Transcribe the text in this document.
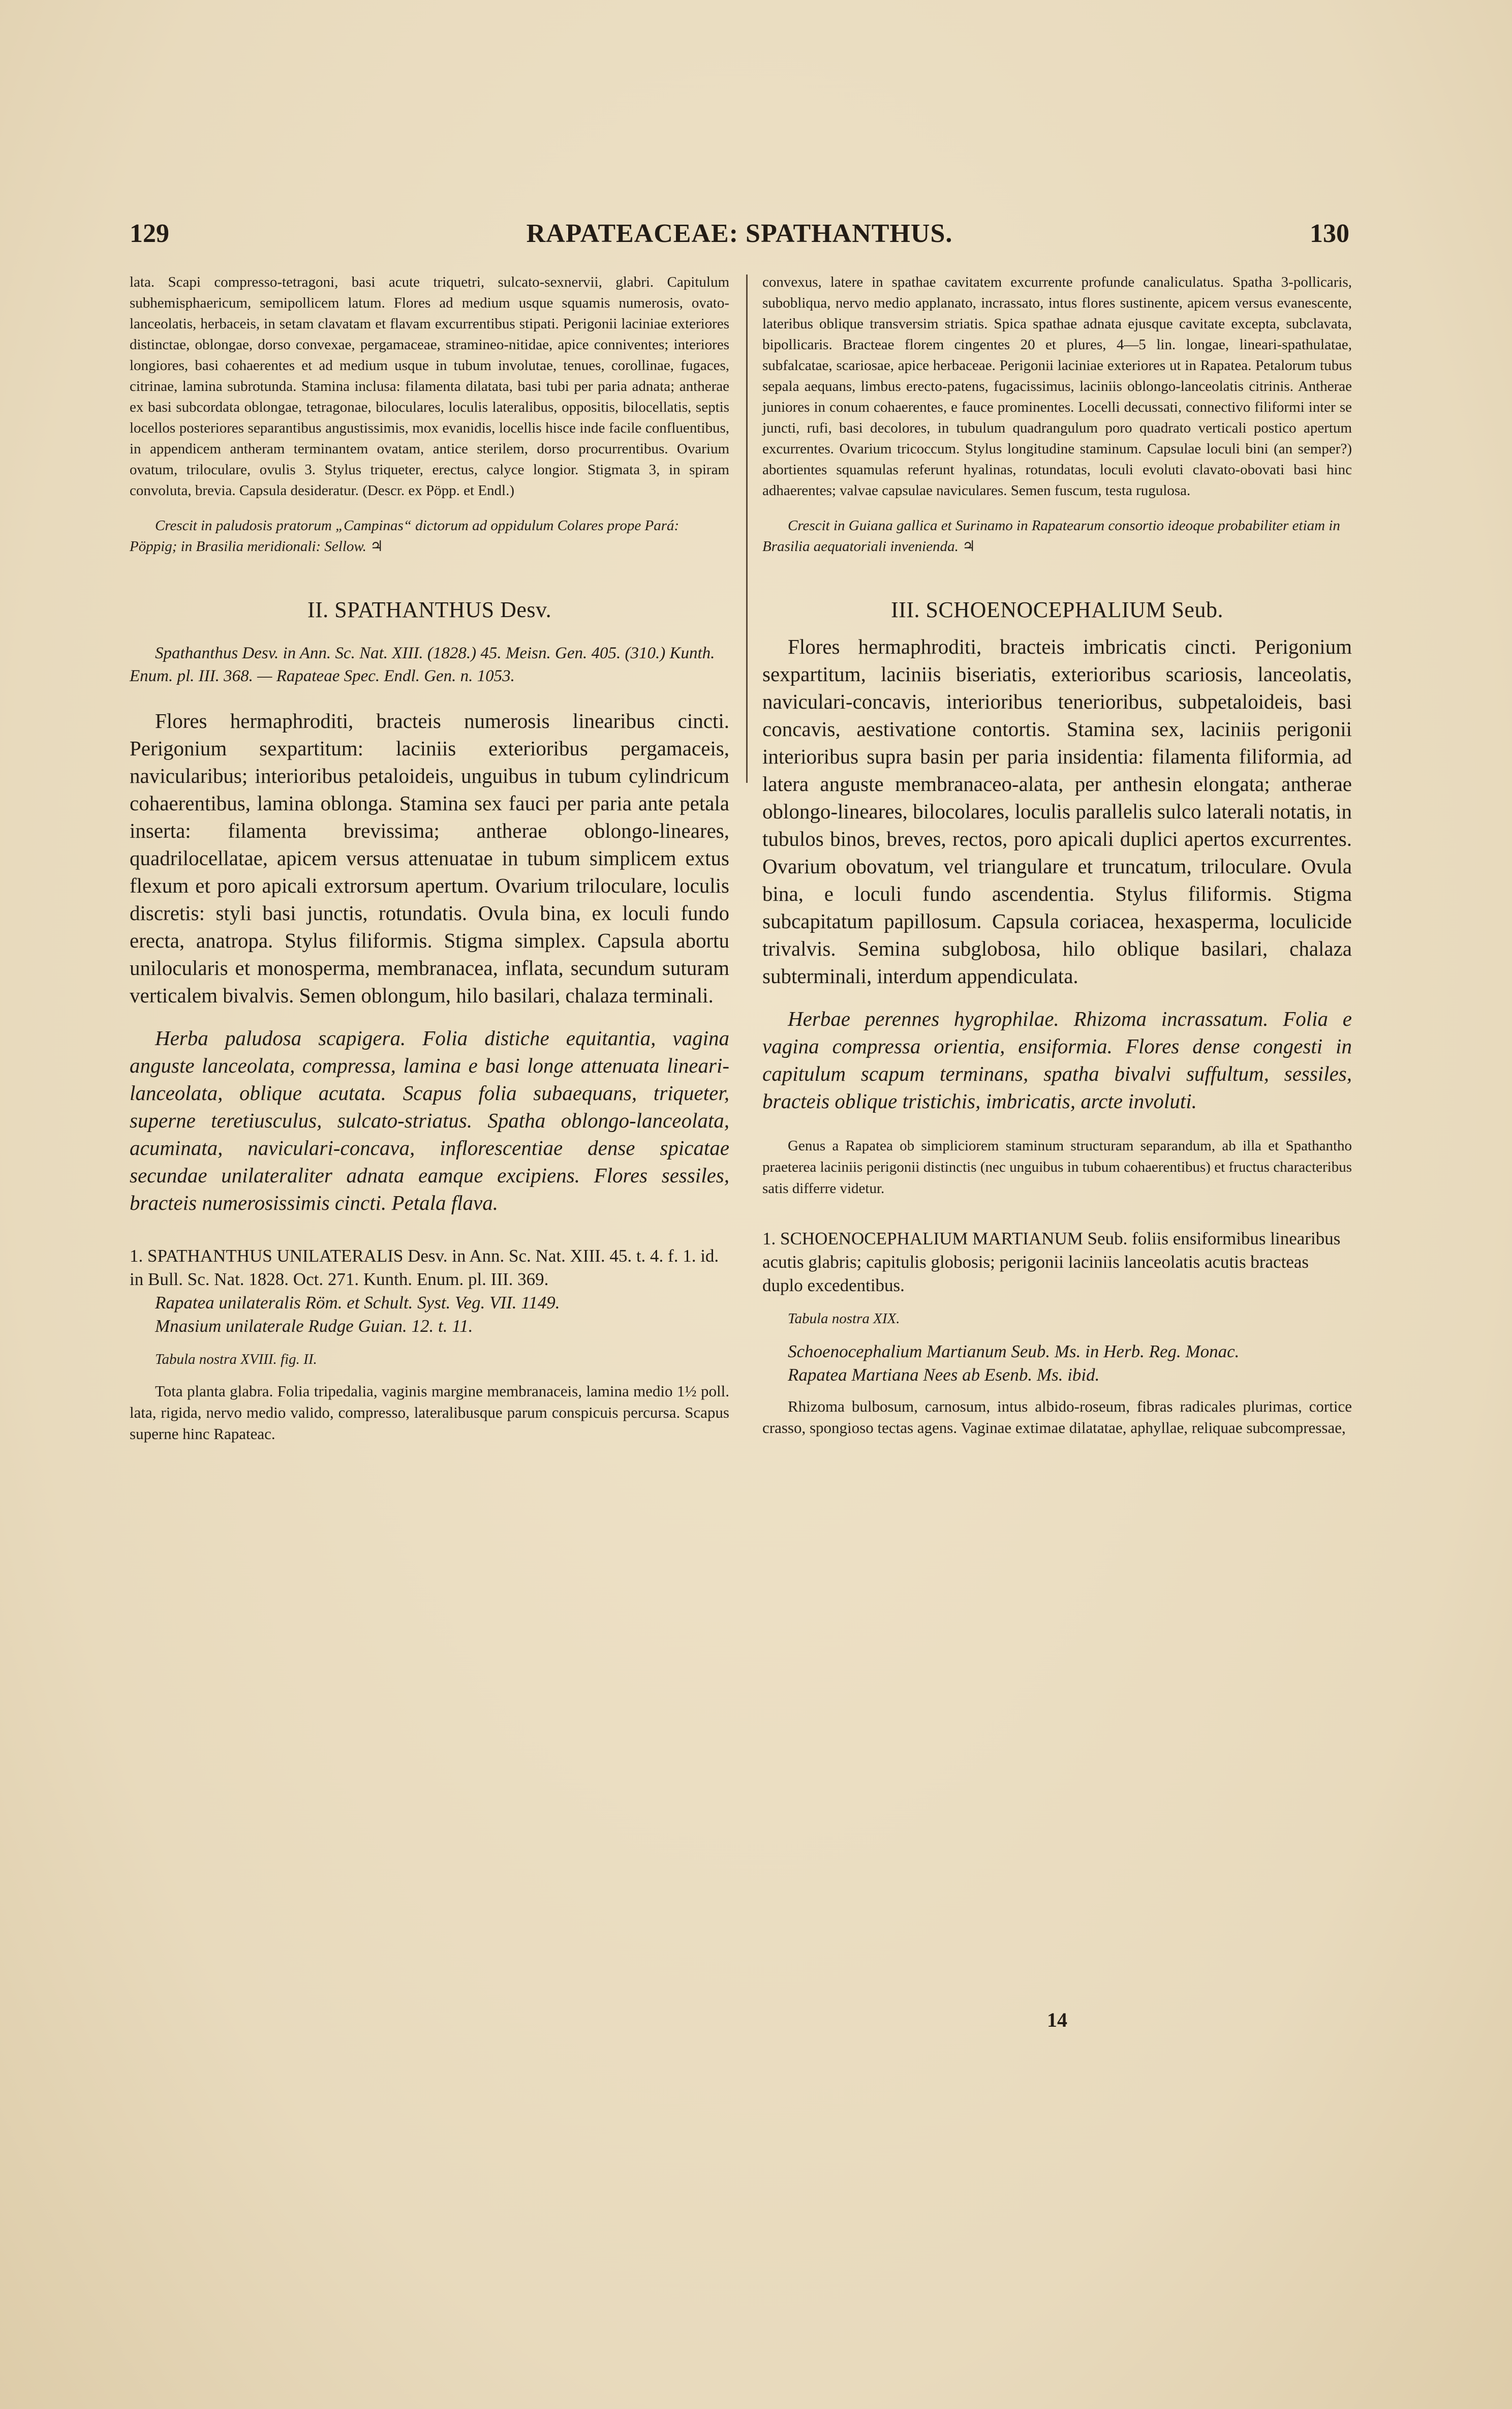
129	RAPATEACEAE: SPATHANTHUS.	130

lata. Scapi compresso-tetragoni, basi acute triquetri, sulcato-sexnervii, glabri. Capitulum subhemisphaericum, semipollicem latum. Flores ad medium usque squamis numerosis, ovato-lanceolatis, herbaceis, in setam clavatam et flavam excurrentibus stipati. Perigonii laciniae exteriores distinctae, oblongae, dorso convexae, pergamaceae, stramineo-nitidae, apice conniventes; interiores longiores, basi cohaerentes et ad medium usque in tubum involutae, tenues, corollinae, fugaces, citrinae, lamina subrotunda. Stamina inclusa: filamenta dilatata, basi tubi per paria adnata; antherae ex basi subcordata oblongae, tetragonae, biloculares, loculis lateralibus, oppositis, bilocellatis, septis locellos posteriores separantibus angustissimis, mox evanidis, locellis hisce inde facile confluentibus, in appendicem antheram terminantem ovatam, antice sterilem, dorso procurrentibus. Ovarium ovatum, triloculare, ovulis 3. Stylus triqueter, erectus, calyce longior. Stigmata 3, in spiram convoluta, brevia. Capsula desideratur. (Descr. ex Pöpp. et Endl.)

Crescit in paludosis pratorum „Campinas“ dictorum ad oppidulum Colares prope Pará: Pöppig; in Brasilia meridionali: Sellow. ♃

II. SPATHANTHUS Desv.

Spathanthus Desv. in Ann. Sc. Nat. XIII. (1828.) 45. Meisn. Gen. 405. (310.) Kunth. Enum. pl. III. 368. — Rapateae Spec. Endl. Gen. n. 1053.

Flores hermaphroditi, bracteis numerosis linearibus cincti. Perigonium sexpartitum: laciniis exterioribus pergamaceis, navicularibus; interioribus petaloideis, unguibus in tubum cylindricum cohaerentibus, lamina oblonga. Stamina sex fauci per paria ante petala inserta: filamenta brevissima; antherae oblongo-lineares, quadrilocellatae, apicem versus attenuatae in tubum simplicem extus flexum et poro apicali extrorsum apertum. Ovarium triloculare, loculis discretis: styli basi junctis, rotundatis. Ovula bina, ex loculi fundo erecta, anatropa. Stylus filiformis. Stigma simplex. Capsula abortu unilocularis et monosperma, membranacea, inflata, secundum suturam verticalem bivalvis. Semen oblongum, hilo basilari, chalaza terminali.

Herba paludosa scapigera. Folia distiche equitantia, vagina anguste lanceolata, compressa, lamina e basi longe attenuata lineari-lanceolata, oblique acutata. Scapus folia subaequans, triqueter, superne teretiusculus, sulcato-striatus. Spatha oblongo-lanceolata, acuminata, naviculari-concava, inflorescentiae dense spicatae secundae unilateraliter adnata eamque excipiens. Flores sessiles, bracteis numerosissimis cincti. Petala flava.

1. SPATHANTHUS UNILATERALIS Desv. in Ann. Sc. Nat. XIII. 45. t. 4. f. 1. id. in Bull. Sc. Nat. 1828. Oct. 271. Kunth. Enum. pl. III. 369.

Rapatea unilateralis Röm. et Schult. Syst. Veg. VII. 1149.

Mnasium unilaterale Rudge Guian. 12. t. 11.

Tabula nostra XVIII. fig. II.

Tota planta glabra. Folia tripedalia, vaginis margine membranaceis, lamina medio 1½ poll. lata, rigida, nervo medio valido, compresso, lateralibusque parum conspicuis percursa. Scapus superne hinc Rapateac.

convexus, latere in spathae cavitatem excurrente profunde canaliculatus. Spatha 3-pollicaris, subobliqua, nervo medio applanato, incrassato, intus flores sustinente, apicem versus evanescente, lateribus oblique transversim striatis. Spica spathae adnata ejusque cavitate excepta, subclavata, bipollicaris. Bracteae florem cingentes 20 et plures, 4—5 lin. longae, lineari-spathulatae, subfalcatae, scariosae, apice herbaceae. Perigonii laciniae exteriores ut in Rapatea. Petalorum tubus sepala aequans, limbus erecto-patens, fugacissimus, laciniis oblongo-lanceolatis citrinis. Antherae juniores in conum cohaerentes, e fauce prominentes. Locelli decussati, connectivo filiformi inter se juncti, rufi, basi decolores, in tubulum quadrangulum poro quadrato verticali postico apertum excurrentes. Ovarium tricoccum. Stylus longitudine staminum. Capsulae loculi bini (an semper?) abortientes squamulas referunt hyalinas, rotundatas, loculi evoluti clavato-obovati basi hinc adhaerentes; valvae capsulae naviculares. Semen fuscum, testa rugulosa.

Crescit in Guiana gallica et Surinamo in Rapatearum consortio ideoque probabiliter etiam in Brasilia aequatoriali invenienda. ♃

III. SCHOENOCEPHALIUM Seub.

Flores hermaphroditi, bracteis imbricatis cincti. Perigonium sexpartitum, laciniis biseriatis, exterioribus scariosis, lanceolatis, naviculari-concavis, interioribus tenerioribus, subpetaloideis, basi concavis, aestivatione contortis. Stamina sex, laciniis perigonii interioribus supra basin per paria insidentia: filamenta filiformia, ad latera anguste membranaceo-alata, per anthesin elongata; antherae oblongo-lineares, bilocolares, loculis parallelis sulco laterali notatis, in tubulos binos, breves, rectos, poro apicali duplici apertos excurrentes. Ovarium obovatum, vel triangulare et truncatum, triloculare. Ovula bina, e loculi fundo ascendentia. Stylus filiformis. Stigma subcapitatum papillosum. Capsula coriacea, hexasperma, loculicide trivalvis. Semina subglobosa, hilo oblique basilari, chalaza subterminali, interdum appendiculata.

Herbae perennes hygrophilae. Rhizoma incrassatum. Folia e vagina compressa orientia, ensiformia. Flores dense congesti in capitulum scapum terminans, spatha bivalvi suffultum, sessiles, bracteis oblique tristichis, imbricatis, arcte involuti.

Genus a Rapatea ob simpliciorem staminum structuram separandum, ab illa et Spathantho praeterea laciniis perigonii distinctis (nec unguibus in tubum cohaerentibus) et fructus characteribus satis differre videtur.

1. SCHOENOCEPHALIUM MARTIANUM Seub. foliis ensiformibus linearibus acutis glabris; capitulis globosis; perigonii laciniis lanceolatis acutis bracteas duplo excedentibus.

Tabula nostra XIX.

Schoenocephalium Martianum Seub. Ms. in Herb. Reg. Monac.

Rapatea Martiana Nees ab Esenb. Ms. ibid.

Rhizoma bulbosum, carnosum, intus albido-roseum, fibras radicales plurimas, cortice crasso, spongioso tectas agens. Vaginae extimae dilatatae, aphyllae, reliquae subcompressae,

14
